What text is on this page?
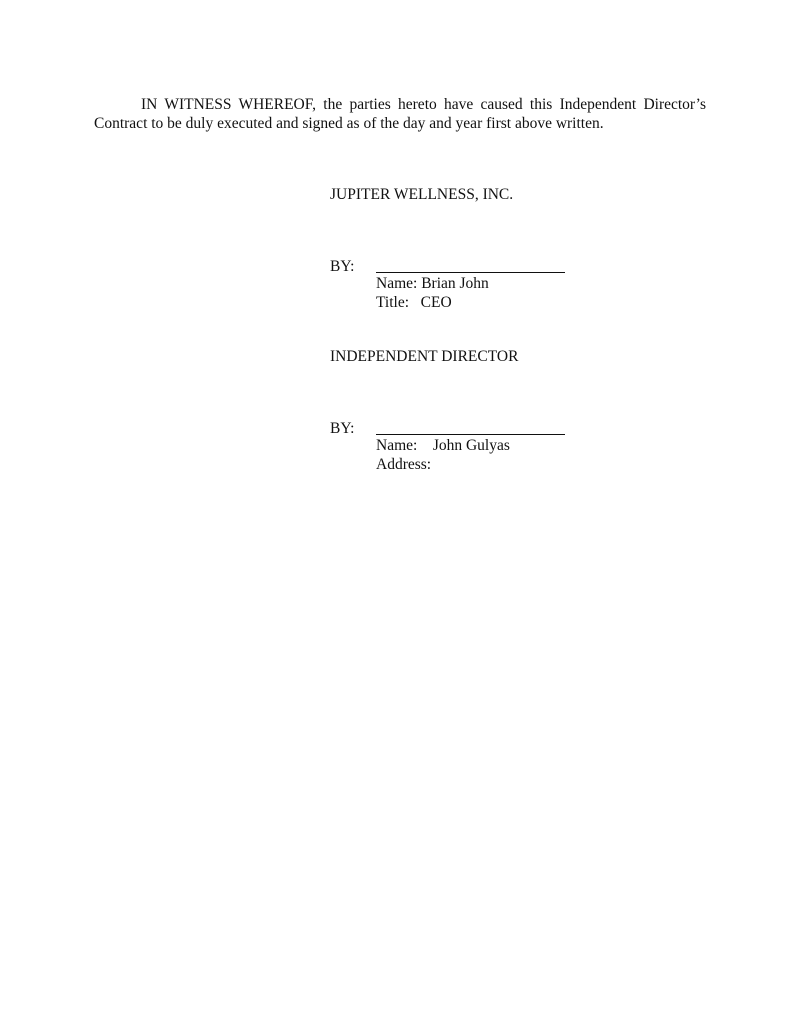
IN WITNESS WHEREOF, the parties hereto have caused this Independent Director’s Contract to be duly executed and signed as of the day and year first above written.

JUPITER WELLNESS, INC.
BY:
Name: Brian John
Title:   CEO
INDEPENDENT DIRECTOR
BY:
Name:    John Gulyas
Address:
